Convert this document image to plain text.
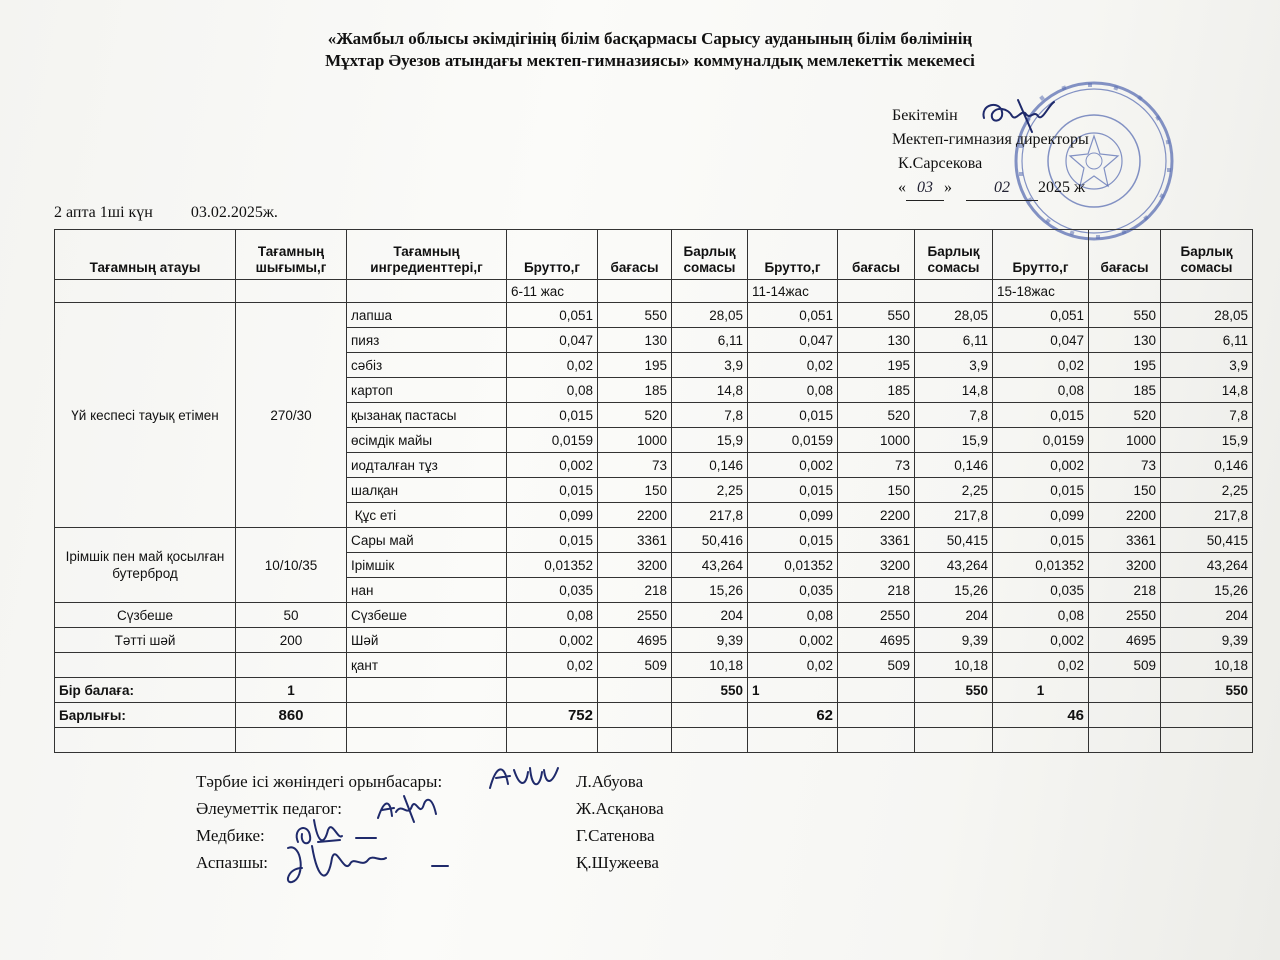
«Жамбыл облысы әкімдігінің білім басқармасы Сарысу ауданының білім бөлімінің
Мұхтар Әуезов атындағы мектеп-гимназиясы» коммуналдық мемлекеттік мекемесі
Бекітемін
Мектеп-гимназия директоры
К.Сарсекова
« 03 »	02 2025 ж
2 апта 1ші күн 03.02.2025ж.
Тағамның атауы	Тағамның шығымы,г	Тағамның ингредиенттері,г	Брутто,г	бағасы	Барлық сомасы	Брутто,г	бағасы	Барлық сомасы	Брутто,г	бағасы	Барлық сомасы
			6-11 жас			11-14жас			15-18жас		
Үй кеспесі тауық етімен	270/30	лапша	0,051	550	28,05	0,051	550	28,05	0,051	550	28,05
		пияз	0,047	130	6,11	0,047	130	6,11	0,047	130	6,11
		сәбіз	0,02	195	3,9	0,02	195	3,9	0,02	195	3,9
		картоп	0,08	185	14,8	0,08	185	14,8	0,08	185	14,8
		қызанақ пастасы	0,015	520	7,8	0,015	520	7,8	0,015	520	7,8
		өсімдік майы	0,0159	1000	15,9	0,0159	1000	15,9	0,0159	1000	15,9
		иодталған тұз	0,002	73	0,146	0,002	73	0,146	0,002	73	0,146
		шалқан	0,015	150	2,25	0,015	150	2,25	0,015	150	2,25
		Құс еті	0,099	2200	217,8	0,099	2200	217,8	0,099	2200	217,8
Ірімшік пен май қосылған бутерброд	10/10/35	Сары май	0,015	3361	50,416	0,015	3361	50,415	0,015	3361	50,415
		Ірімшік	0,01352	3200	43,264	0,01352	3200	43,264	0,01352	3200	43,264
		нан	0,035	218	15,26	0,035	218	15,26	0,035	218	15,26
Сүзбеше	50	Сүзбеше	0,08	2550	204	0,08	2550	204	0,08	2550	204
Тәтті шәй	200	Шәй	0,002	4695	9,39	0,002	4695	9,39	0,002	4695	9,39
		қант	0,02	509	10,18	0,02	509	10,18	0,02	509	10,18
Бір балаға:	1				550	1		550	1		550
Барлығы:	860		752			62			46		

Тәрбие ісі жөніндегі орынбасары:	Л.Абуова
Әлеуметтік педагог:	Ж.Асқанова
Медбике:	Г.Сатенова
Аспазшы:	Қ.Шужеева
